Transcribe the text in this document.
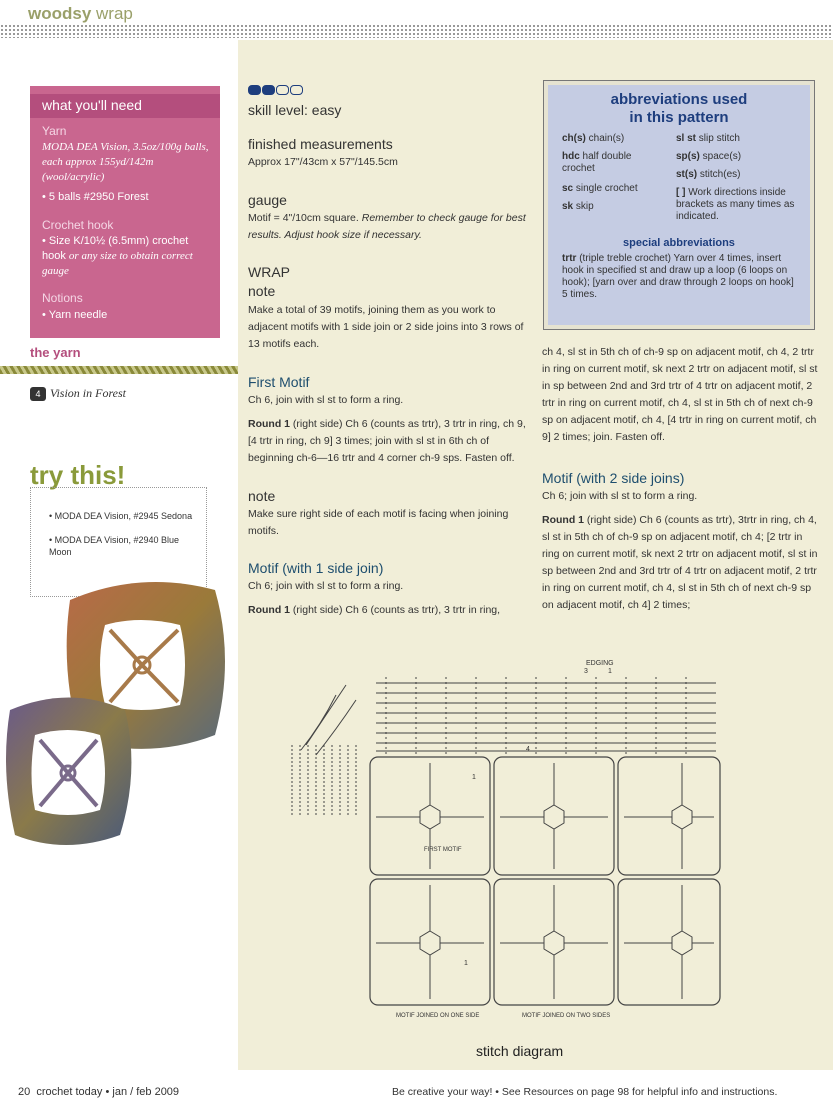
woodsy wrap
what you'll need
Yarn
MODA DEA Vision, 3.5oz/100g balls, each approx 155yd/142m (wool/acrylic)
• 5 balls #2950 Forest
Crochet hook
• Size K/10½ (6.5mm) crochet hook or any size to obtain correct gauge
Notions
• Yarn needle
the yarn
4 Vision in Forest
try this!
• MODA DEA Vision, #2945 Sedona
• MODA DEA Vision, #2940 Blue Moon
skill level: easy
finished measurements
Approx 17"/43cm x 57"/145.5cm
gauge
Motif = 4"/10cm square. Remember to check gauge for best results. Adjust hook size if necessary.
WRAP
note
Make a total of 39 motifs, joining them as you work to adjacent motifs with 1 side join or 2 side joins into 3 rows of 13 motifs each.
First Motif
Ch 6, join with sl st to form a ring.
Round 1 (right side) Ch 6 (counts as trtr), 3 trtr in ring, ch 9, [4 trtr in ring, ch 9] 3 times; join with sl st in 6th ch of beginning ch-6—16 trtr and 4 corner ch-9 sps. Fasten off.
note
Make sure right side of each motif is facing when joining motifs.
Motif (with 1 side join)
Ch 6; join with sl st to form a ring.
Round 1 (right side) Ch 6 (counts as trtr), 3 trtr in ring,
ch 4, sl st in 5th ch of ch-9 sp on adjacent motif, ch 4, 2 trtr in ring on current motif, sk next 2 trtr on adjacent motif, sl st in sp between 2nd and 3rd trtr of 4 trtr on adjacent motif, 2 trtr in ring on current motif, ch 4, sl st in 5th ch of next ch-9 sp on adjacent motif, ch 4, [4 trtr in ring on current motif, ch 9] 2 times; join. Fasten off.
Motif (with 2 side joins)
Ch 6; join with sl st to form a ring.
Round 1 (right side) Ch 6 (counts as trtr), 3trtr in ring, ch 4, sl st in 5th ch of ch-9 sp on adjacent motif, ch 4; [2 trtr in ring on current motif, sk next 2 trtr on adjacent motif, sl st in sp between 2nd and 3rd trtr of 4 trtr on adjacent motif, 2 trtr in ring on current motif, ch 4, sl st in 5th ch of next ch-9 sp on adjacent motif, ch 4] 2 times;
abbreviations used
in this pattern
ch(s) chain(s)
hdc half double crochet
sc single crochet
sk skip
sl st slip stitch
sp(s) space(s)
st(s) stitch(es)
[ ] Work directions inside brackets as many times as indicated.
special abbreviations
trtr (triple treble crochet) Yarn over 4 times, insert hook in specified st and draw up a loop (6 loops on hook); [yarn over and draw through 2 loops on hook] 5 times.
EDGING
3	1
4
1
FIRST MOTIF
1
MOTIF JOINED ON ONE SIDE	MOTIF JOINED ON TWO SIDES
stitch diagram
20 crochet today • jan / feb 2009	Be creative your way! • See Resources on page 98 for helpful info and instructions.
